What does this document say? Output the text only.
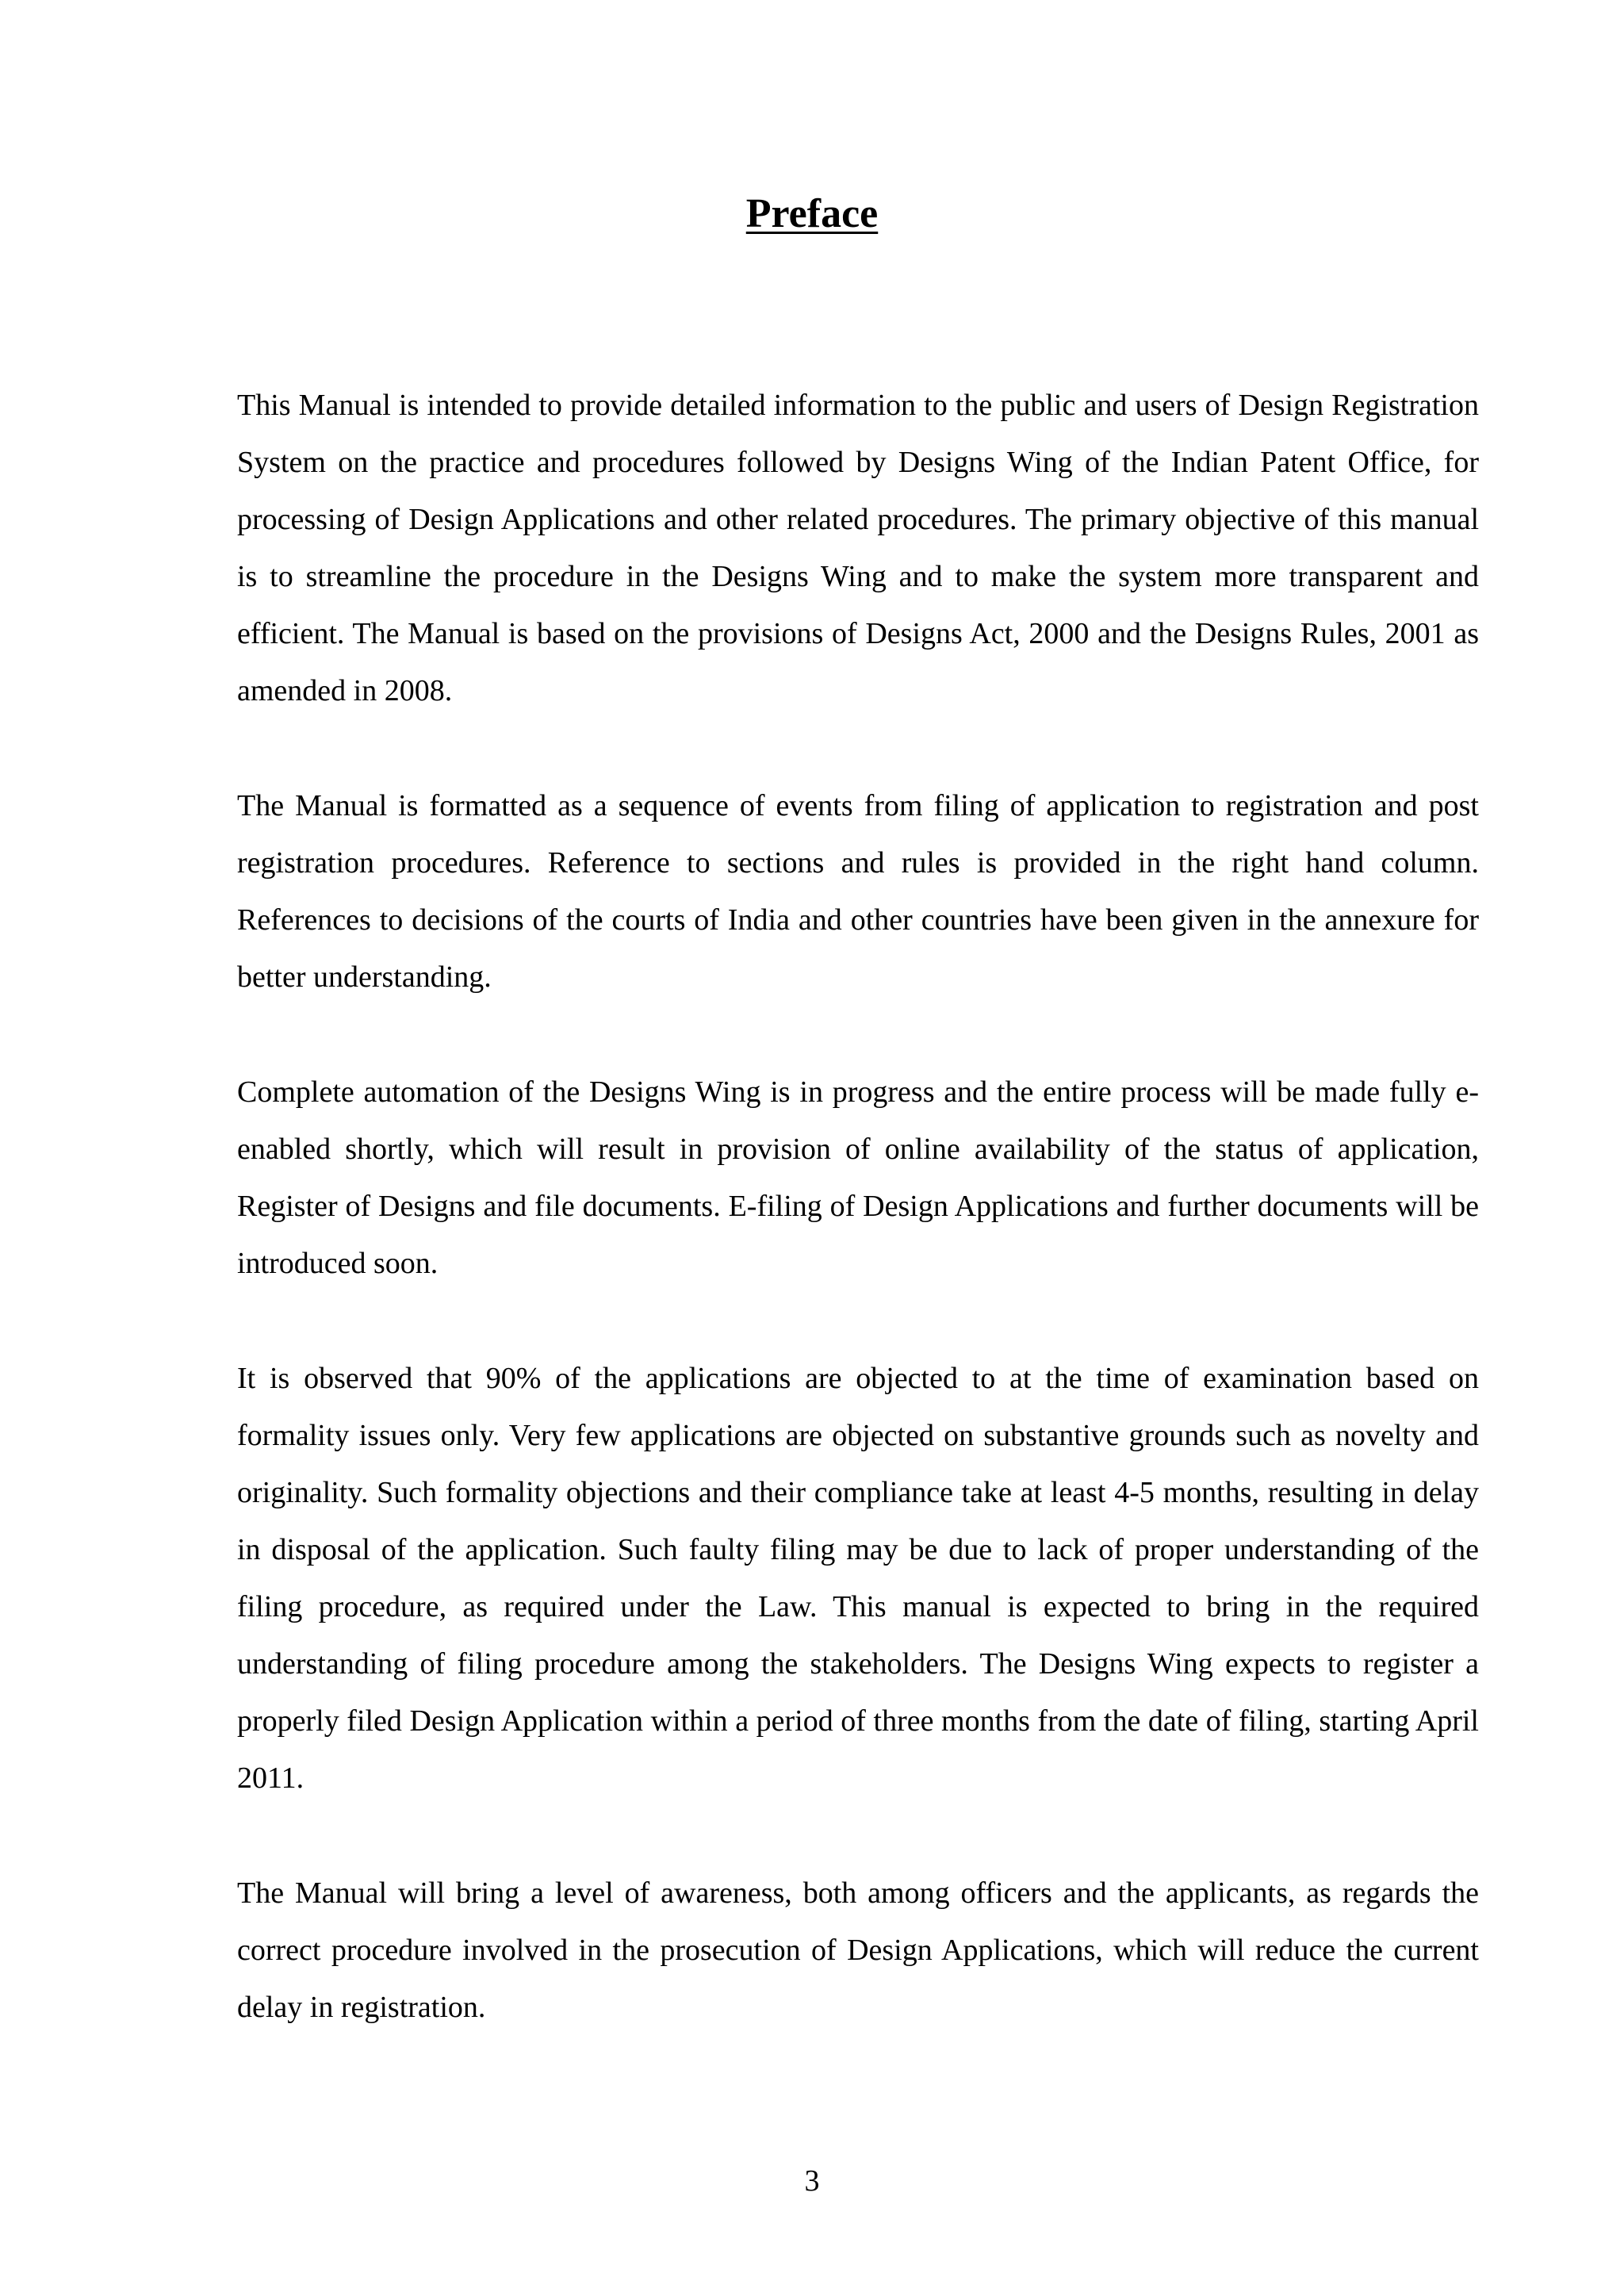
Preface

This Manual is intended to provide detailed information to the public and users of Design Registration System on the practice and procedures followed by Designs Wing of the Indian Patent Office, for processing of Design Applications and other related procedures. The primary objective of this manual is to streamline the procedure in the Designs Wing and to make the system more transparent and efficient. The Manual is based on the provisions of Designs Act, 2000 and the Designs Rules, 2001 as amended in 2008.

The Manual is formatted as a sequence of events from filing of application to registration and post registration procedures. Reference to sections and rules is provided in the right hand column. References to decisions of the courts of India and other countries have been given in the annexure for better understanding.

Complete automation of the Designs Wing is in progress and the entire process will be made fully e-enabled shortly, which will result in provision of online availability of the status of application, Register of Designs and file documents. E-filing of Design Applications and further documents will be introduced soon.

It is observed that 90% of the applications are objected to at the time of examination based on formality issues only. Very few applications are objected on substantive grounds such as novelty and originality. Such formality objections and their compliance take at least 4-5 months, resulting in delay in disposal of the application. Such faulty filing may be due to lack of proper understanding of the filing procedure, as required under the Law. This manual is expected to bring in the required understanding of filing procedure among the stakeholders. The Designs Wing expects to register a properly filed Design Application within a period of three months from the date of filing, starting April 2011.

The Manual will bring a level of awareness, both among officers and the applicants, as regards the correct procedure involved in the prosecution of Design Applications, which will reduce the current delay in registration.

3
